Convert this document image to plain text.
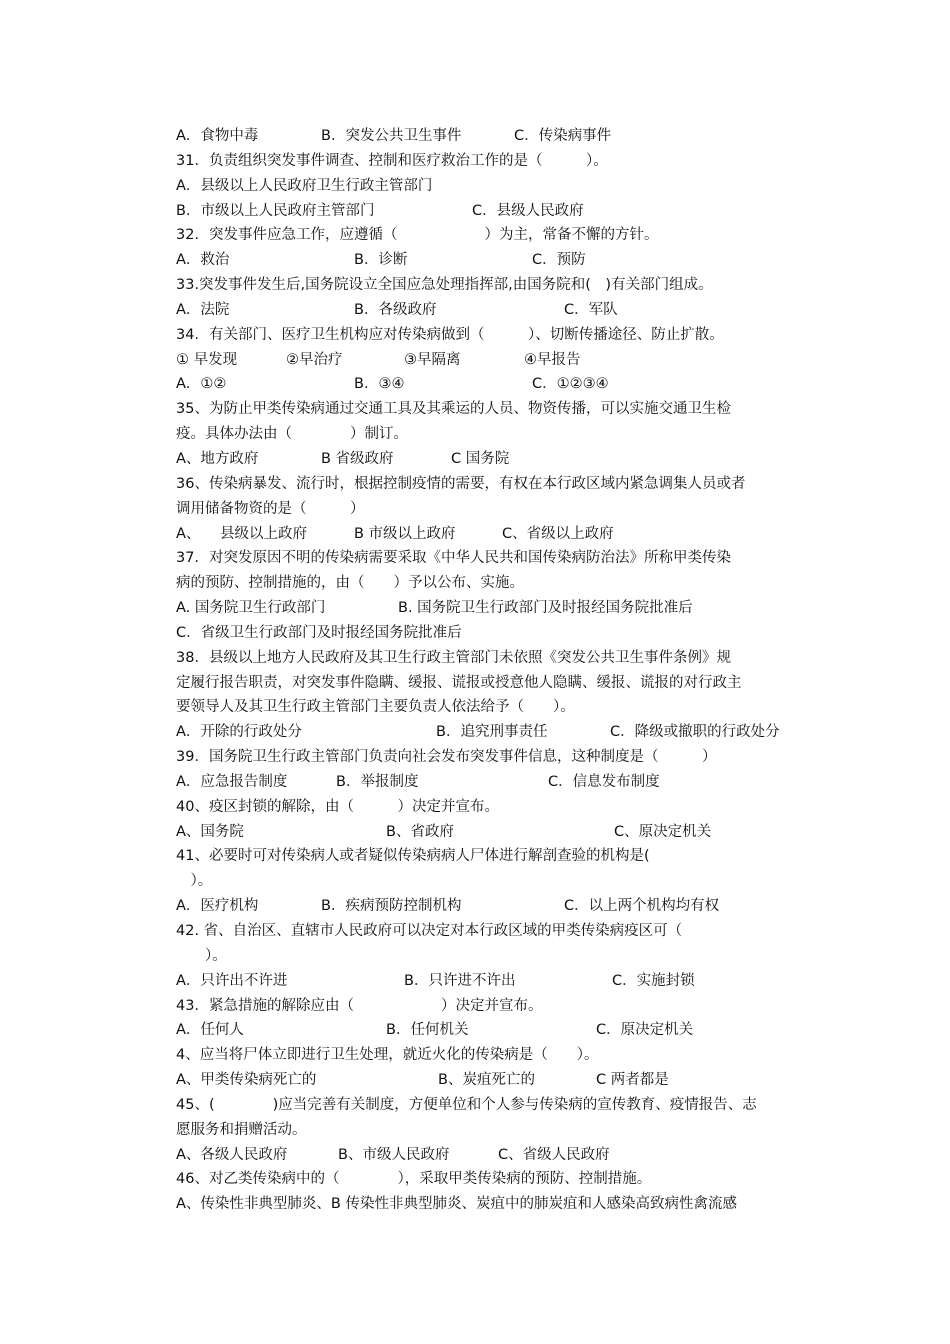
A．食物中毒	B．突发公共卫生事件	C．传染病事件
31．负责组织突发事件调查、控制和医疗救治工作的是（　　　）。
A．县级以上人民政府卫生行政主管部门
B．市级以上人民政府主管部门	C．县级人民政府
32．突发事件应急工作，应遵循（　　　　　　）为主，常备不懈的方针。
A．救治	B．诊断	C．预防
33.突发事件发生后,国务院设立全国应急处理指挥部,由国务院和(　)有关部门组成。
A．法院	B．各级政府	C．军队
34．有关部门、医疗卫生机构应对传染病做到（　　　）、切断传播途径、防止扩散。
① 早发现	②早治疗	③早隔离	④早报告
A．①②	B．③④	C．①②③④
35、为防止甲类传染病通过交通工具及其乘运的人员、物资传播，可以实施交通卫生检
疫。具体办法由（　　　　）制订。
A、地方政府	B 省级政府	C 国务院
36、传染病暴发、流行时，根据控制疫情的需要，有权在本行政区域内紧急调集人员或者
调用储备物资的是（　　　）
A、 县级以上政府	B 市级以上政府	C、省级以上政府
37．对突发原因不明的传染病需要采取《中华人民共和国传染病防治法》所称甲类传染
病的预防、控制措施的，由（　　）予以公布、实施。
A. 国务院卫生行政部门	B. 国务院卫生行政部门及时报经国务院批准后
C．省级卫生行政部门及时报经国务院批准后
38．县级以上地方人民政府及其卫生行政主管部门未依照《突发公共卫生事件条例》规
定履行报告职责，对突发事件隐瞒、缓报、谎报或授意他人隐瞒、缓报、谎报的对行政主
要领导人及其卫生行政主管部门主要负责人依法给予（　　）。
A．开除的行政处分	B．追究刑事责任	C．降级或撤职的行政处分
39．国务院卫生行政主管部门负责向社会发布突发事件信息，这种制度是（　　　）
A．应急报告制度	B．举报制度	C．信息发布制度
40、疫区封锁的解除，由（　　　）决定并宣布。
A、国务院	B、省政府	C、原决定机关
41、必要时可对传染病人或者疑似传染病病人尸体进行解剖查验的机构是(
　）。
A．医疗机构	B．疾病预防控制机构	C．以上两个机构均有权
42. 省、自治区、直辖市人民政府可以决定对本行政区域的甲类传染病疫区可（
　　）。
A．只许出不许进	B．只许进不许出	C．实施封锁
43．紧急措施的解除应由（　　　　　　）决定并宣布。
A．任何人	B．任何机关	C．原决定机关
4、应当将尸体立即进行卫生处理，就近火化的传染病是（　　）。
A、甲类传染病死亡的	B、炭疽死亡的	C 两者都是
45、(　　　　)应当完善有关制度，方便单位和个人参与传染病的宣传教育、疫情报告、志
愿服务和捐赠活动。
A、各级人民政府	B、市级人民政府	C、省级人民政府
46、对乙类传染病中的（　　　　），采取甲类传染病的预防、控制措施。
A、传染性非典型肺炎、B 传染性非典型肺炎、炭疽中的肺炭疽和人感染高致病性禽流感
